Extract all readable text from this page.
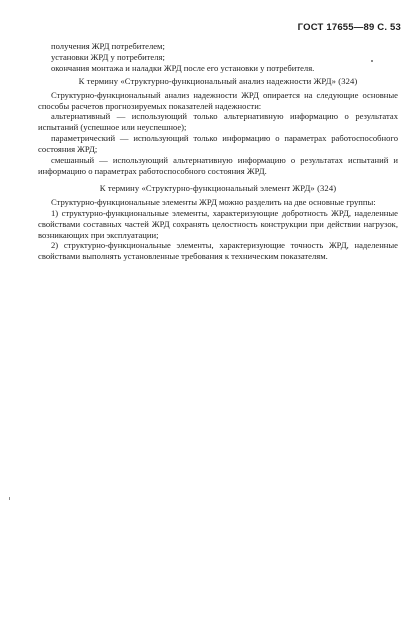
ГОСТ 17655—89 С. 53

получения ЖРД потребителем;

установки ЖРД у потребителя;

окончания монтажа и наладки ЖРД после его установки у потребителя.

К термину «Структурно-функциональный анализ надежности ЖРД» (324)

Структурно-функциональный анализ надежности ЖРД опирается на следующие основные способы расчетов прогнозируемых показателей надежности:

альтернативный — использующий только альтернативную информацию о результатах испытаний (успешное или неуспешное);

параметрический — использующий только информацию о параметрах работоспособного состояния ЖРД;

смешанный — использующий альтернативную информацию о результатах испытаний и информацию о параметрах работоспособного состояния ЖРД.

К термину «Структурно-функциональный элемент ЖРД» (324)

Структурно-функциональные элементы ЖРД можно разделить на две основные группы:

1) структурно-функциональные элементы, характеризующие добротность ЖРД, наделенные свойствами составных частей ЖРД сохранять целостность конструкции при действии нагрузок, возникающих при эксплуатации;

2) структурно-функциональные элементы, характеризующие точность ЖРД, наделенные свойствами выполнять установленные требования к техническим показателям.
